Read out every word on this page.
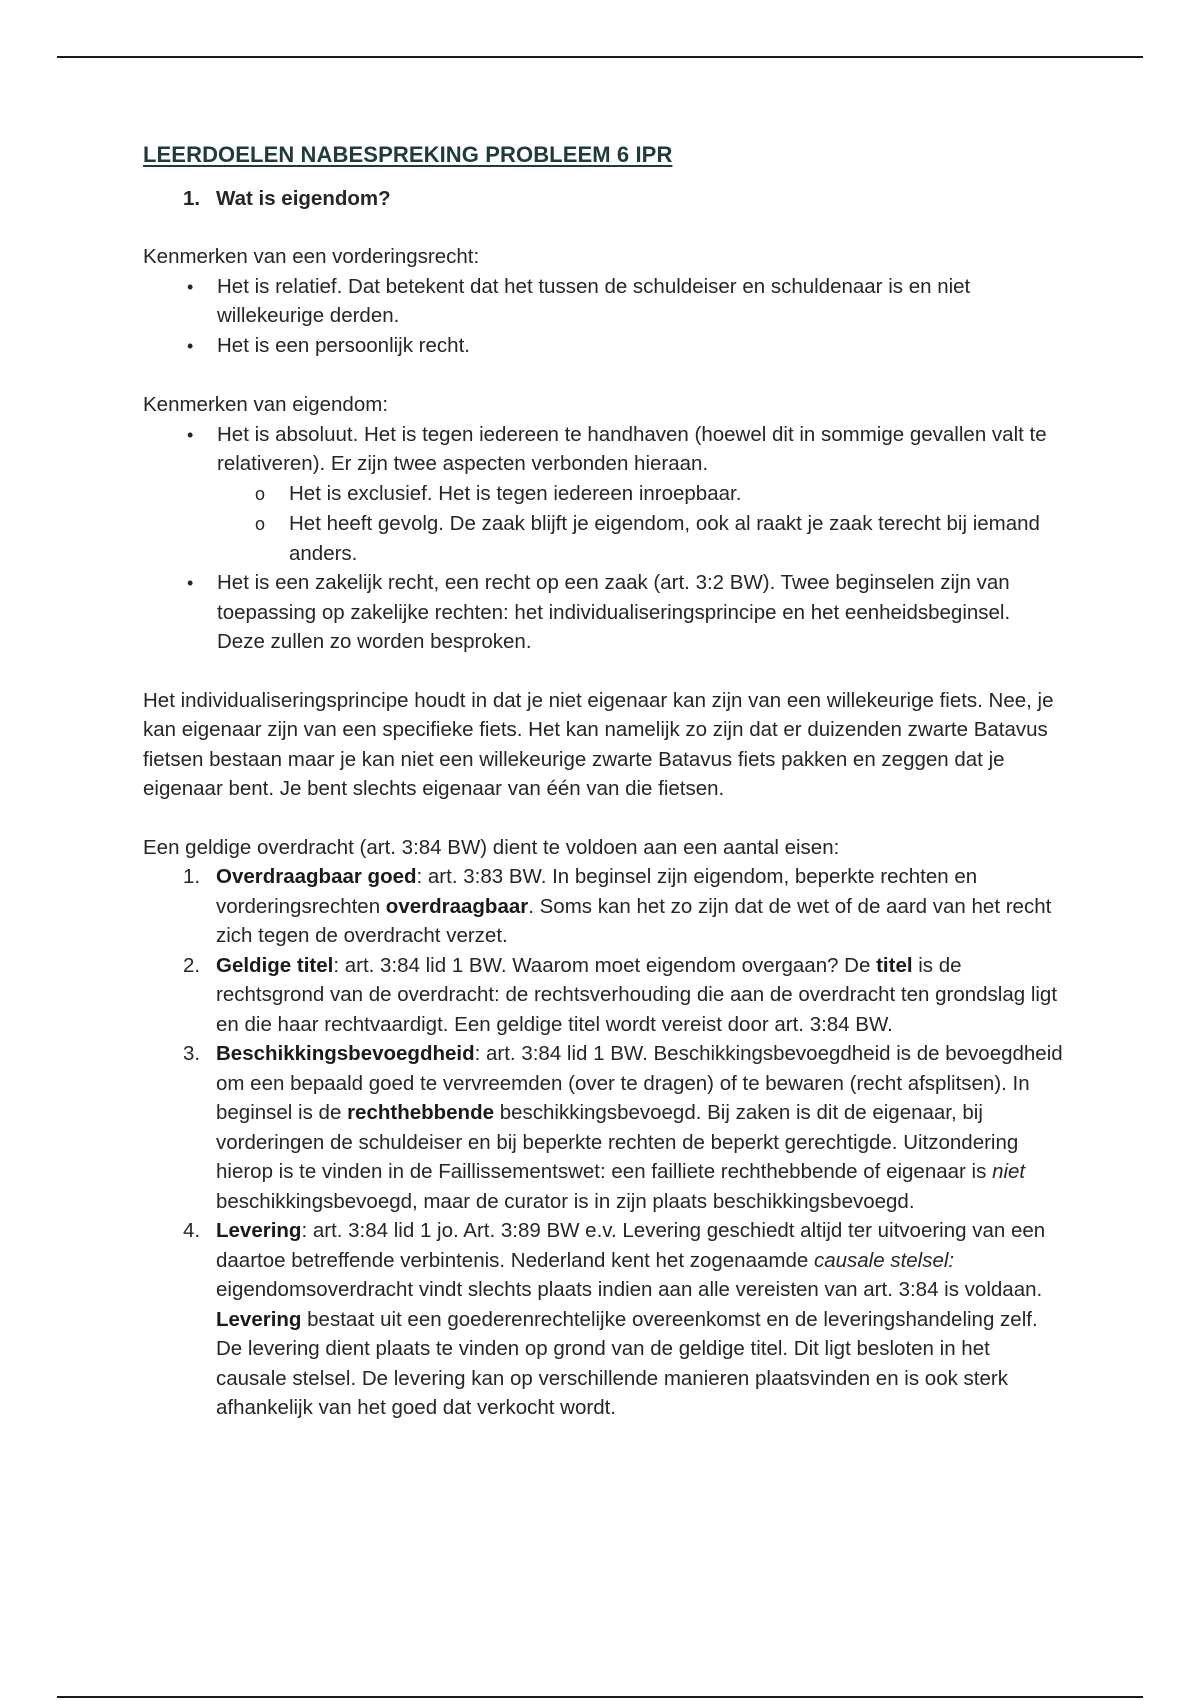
LEERDOELEN NABESPREKING PROBLEEM 6 IPR

1. Wat is eigendom?

Kenmerken van een vorderingsrecht:

•	Het is relatief. Dat betekent dat het tussen de schuldeiser en schuldenaar is en niet willekeurige derden.
•	Het is een persoonlijk recht.

Kenmerken van eigendom:

•	Het is absoluut. Het is tegen iedereen te handhaven (hoewel dit in sommige gevallen valt te relativeren). Er zijn twee aspecten verbonden hieraan.
o	Het is exclusief. Het is tegen iedereen inroepbaar.
o	Het heeft gevolg. De zaak blijft je eigendom, ook al raakt je zaak terecht bij iemand anders.
•	Het is een zakelijk recht, een recht op een zaak (art. 3:2 BW). Twee beginselen zijn van toepassing op zakelijke rechten: het individualiseringsprincipe en het eenheidsbeginsel. Deze zullen zo worden besproken.

Het individualiseringsprincipe houdt in dat je niet eigenaar kan zijn van een willekeurige fiets. Nee, je kan eigenaar zijn van een specifieke fiets. Het kan namelijk zo zijn dat er duizenden zwarte Batavus fietsen bestaan maar je kan niet een willekeurige zwarte Batavus fiets pakken en zeggen dat je eigenaar bent. Je bent slechts eigenaar van één van die fietsen.

Een geldige overdracht (art. 3:84 BW) dient te voldoen aan een aantal eisen:

1. Overdraagbaar goed: art. 3:83 BW. In beginsel zijn eigendom, beperkte rechten en vorderingsrechten overdraagbaar. Soms kan het zo zijn dat de wet of de aard van het recht zich tegen de overdracht verzet.
2. Geldige titel: art. 3:84 lid 1 BW. Waarom moet eigendom overgaan? De titel is de rechtsgrond van de overdracht: de rechtsverhouding die aan de overdracht ten grondslag ligt en die haar rechtvaardigt. Een geldige titel wordt vereist door art. 3:84 BW.
3. Beschikkingsbevoegdheid: art. 3:84 lid 1 BW. Beschikkingsbevoegdheid is de bevoegdheid om een bepaald goed te vervreemden (over te dragen) of te bewaren (recht afsplitsen). In beginsel is de rechthebbende beschikkingsbevoegd. Bij zaken is dit de eigenaar, bij vorderingen de schuldeiser en bij beperkte rechten de beperkt gerechtigde. Uitzondering hierop is te vinden in de Faillissementswet: een failliete rechthebbende of eigenaar is niet beschikkingsbevoegd, maar de curator is in zijn plaats beschikkingsbevoegd.
4. Levering: art. 3:84 lid 1 jo. Art. 3:89 BW e.v. Levering geschiedt altijd ter uitvoering van een daartoe betreffende verbintenis. Nederland kent het zogenaamde causale stelsel: eigendomsoverdracht vindt slechts plaats indien aan alle vereisten van art. 3:84 is voldaan. Levering bestaat uit een goederenrechtelijke overeenkomst en de leveringshandeling zelf. De levering dient plaats te vinden op grond van de geldige titel. Dit ligt besloten in het causale stelsel. De levering kan op verschillende manieren plaatsvinden en is ook sterk afhankelijk van het goed dat verkocht wordt.
